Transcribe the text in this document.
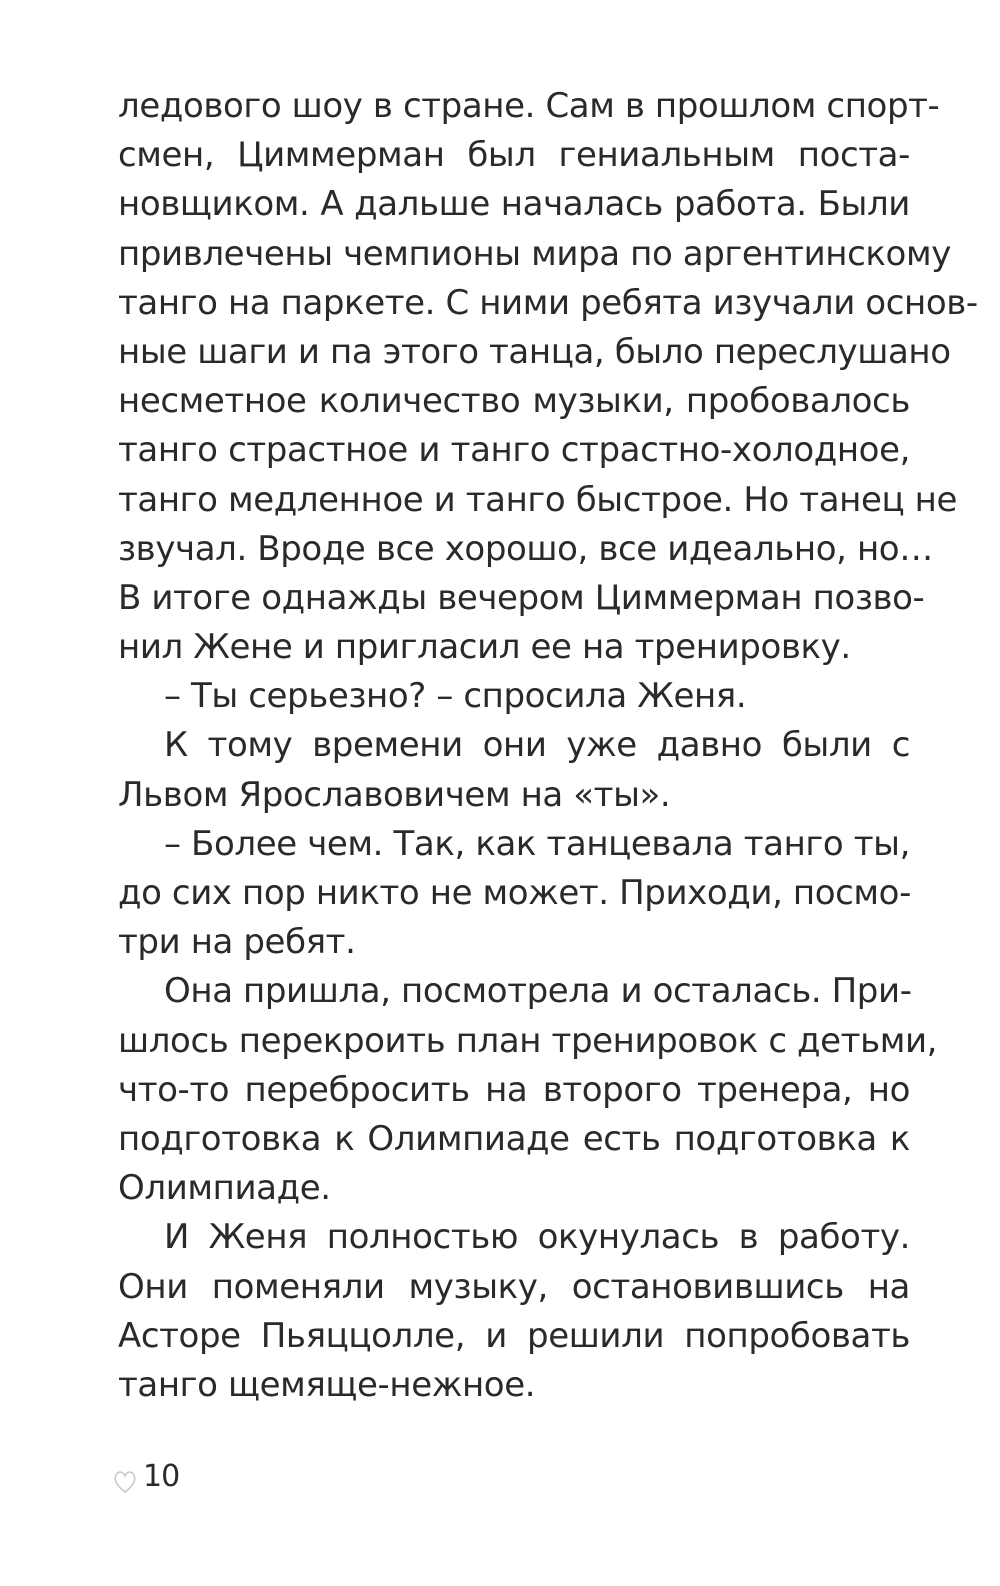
ледового шоу в стране. Сам в прошлом спорт-
смен, Циммерман был гениальным поста-
новщиком. А дальше началась работа. Были
привлечены чемпионы мира по аргентинскому
танго на паркете. С ними ребята изучали основ-
ные шаги и па этого танца, было переслушано
несметное количество музыки, пробовалось
танго страстное и танго страстно-холодное,
танго медленное и танго быстрое. Но танец не
звучал. Вроде все хорошо, все идеально, но…
В итоге однажды вечером Циммерман позво-
нил Жене и пригласил ее на тренировку.
– Ты серьезно? – спросила Женя.
К тому времени они уже давно были с
Львом Ярославовичем на «ты».
– Более чем. Так, как танцевала танго ты,
до сих пор никто не может. Приходи, посмо-
три на ребят.
Она пришла, посмотрела и осталась. При-
шлось перекроить план тренировок с детьми,
что-то перебросить на второго тренера, но
подготовка к Олимпиаде есть подготовка к
Олимпиаде.
И Женя полностью окунулась в работу.
Они поменяли музыку, остановившись на
Асторе Пьяццолле, и решили попробовать
танго щемяще-нежное.
10
